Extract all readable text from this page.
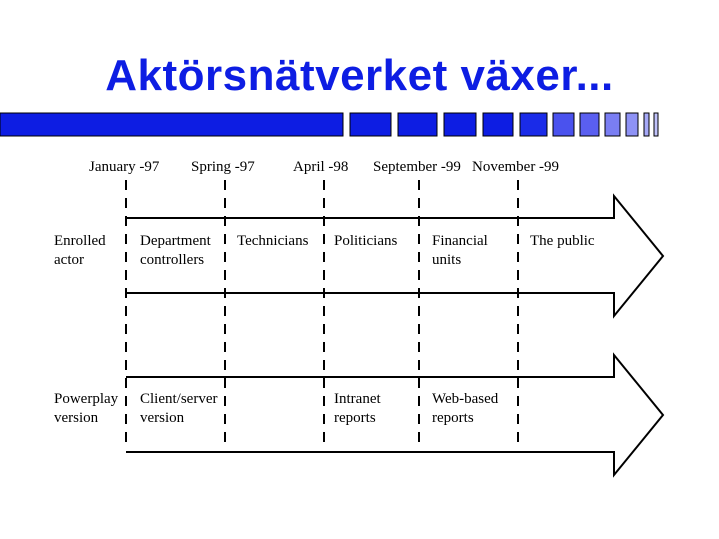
Aktörsnätverket växer...
January -97 Spring -97	April -98 September -99 November -99
Enrolled actor
Department controllers
Technicians Politicians Financial units
The public
Powerplay version
Client/server version
Intranet reports
Web-based reports
